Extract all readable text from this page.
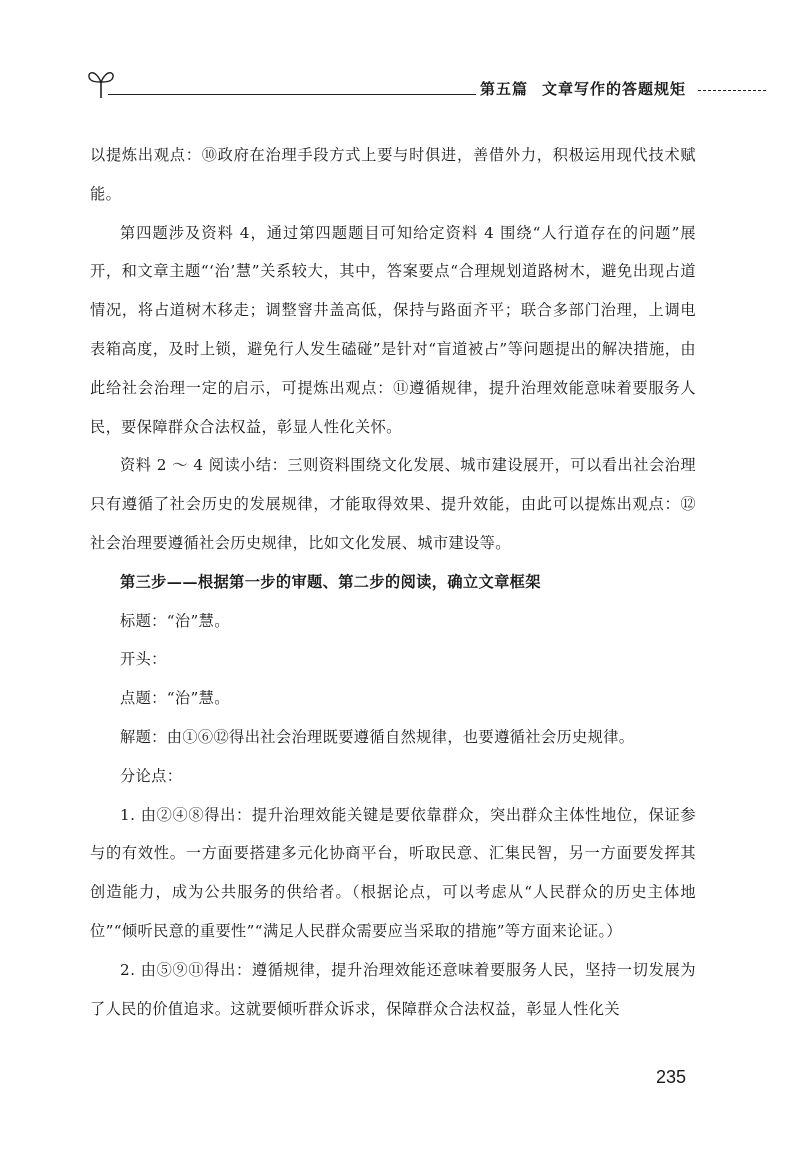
第五篇 文章写作的答题规矩

以提炼出观点：⑩政府在治理手段方式上要与时俱进，善借外力，积极运用现代技术赋能。

第四题涉及资料 4，通过第四题题目可知给定资料 4 围绕“人行道存在的问题”展开，和文章主题“‘治’慧”关系较大，其中，答案要点“合理规划道路树木，避免出现占道情况，将占道树木移走；调整窨井盖高低，保持与路面齐平；联合多部门治理，上调电表箱高度，及时上锁，避免行人发生磕碰”是针对“盲道被占”等问题提出的解决措施，由此给社会治理一定的启示，可提炼出观点：⑪遵循规律，提升治理效能意味着要服务人民，要保障群众合法权益，彰显人性化关怀。

资料 2 ～ 4 阅读小结：三则资料围绕文化发展、城市建设展开，可以看出社会治理只有遵循了社会历史的发展规律，才能取得效果、提升效能，由此可以提炼出观点：⑫社会治理要遵循社会历史规律，比如文化发展、城市建设等。

第三步——根据第一步的审题、第二步的阅读，确立文章框架

标题：“治”慧。

开头：

点题：“治”慧。

解题：由①⑥⑫得出社会治理既要遵循自然规律，也要遵循社会历史规律。

分论点：

1. 由②④⑧得出：提升治理效能关键是要依靠群众，突出群众主体性地位，保证参与的有效性。一方面要搭建多元化协商平台，听取民意、汇集民智，另一方面要发挥其创造能力，成为公共服务的供给者。（根据论点，可以考虑从“人民群众的历史主体地位”“倾听民意的重要性”“满足人民群众需要应当采取的措施”等方面来论证。）

2. 由⑤⑨⑪得出：遵循规律，提升治理效能还意味着要服务人民，坚持一切发展为了人民的价值追求。这就要倾听群众诉求，保障群众合法权益，彰显人性化关

235
